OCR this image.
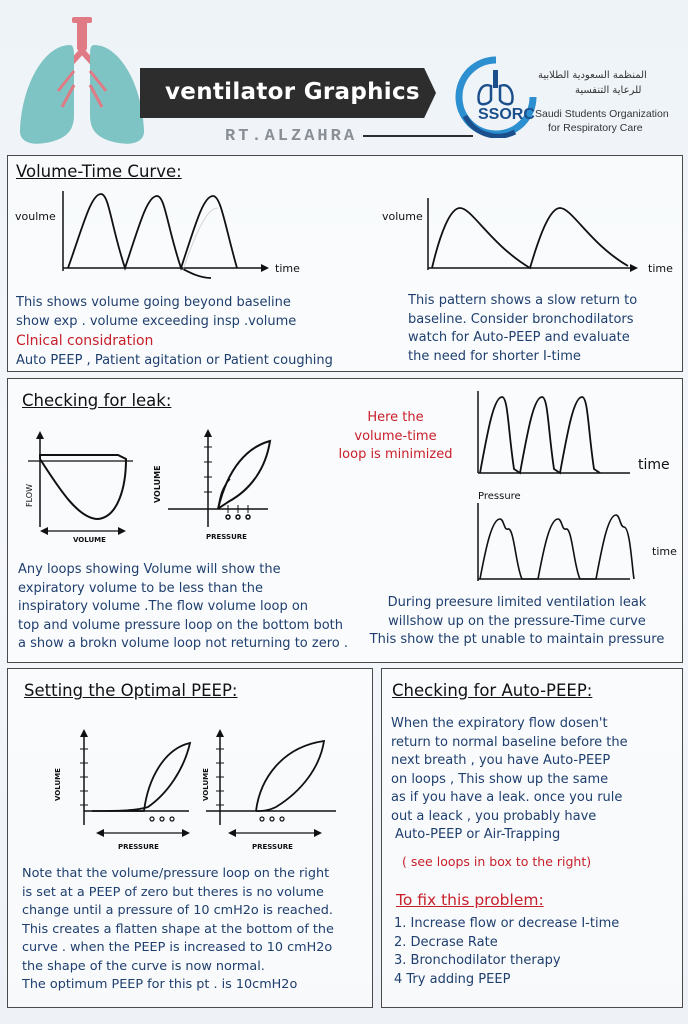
ventilator Graphics
RT.ALZAHRA
SSORC
المنظمة السعودية الطلابية
للرعاية التنفسية
Saudi Students Organization
for Respiratory Care
Volume-Time Curve:
voulme
time
volume
time
This shows volume going beyond baseline
show exp . volume exceeding insp .volume
Clnical considration
Auto PEEP , Patient agitation or Patient coughing
This pattern shows a slow return to
baseline. Consider bronchodilators
watch for Auto-PEEP and evaluate
the need for shorter I-time
Checking for leak:
FLOW
VOLUME
VOLUME
PRESSURE
Here the
volume-time
loop is minimized
time
Pressure
time
Any loops showing Volume will show the
expiratory volume to be less than the
inspiratory volume .The flow volume loop on
top and volume pressure loop on the bottom both
a show a brokn volume loop not returning to zero .
During preesure limited ventilation leak
willshow up on the pressure-Time curve
This show the pt unable to maintain pressure
Setting the Optimal PEEP:
VOLUME
PRESSURE
VOLUME
PRESSURE
Note that the volume/pressure loop on the right
is set at a PEEP of zero but theres is no volume
change until a pressure of 10 cmH2o is reached.
This creates a flatten shape at the bottom of the
curve . when the PEEP is increased to 10 cmH2o
the shape of the curve is now normal.
The optimum PEEP for this pt . is 10cmH2o
Checking for Auto-PEEP:
When the expiratory flow dosen't
return to normal baseline before the
next breath , you have Auto-PEEP
on loops , This show up the same
as if you have a leak. once you rule
out a leack , you probably have
Auto-PEEP or Air-Trapping
( see loops in box to the right)
To fix this problem:
1. Increase flow or decrease I-time
2. Decrase Rate
3. Bronchodilator therapy
4 Try adding PEEP
